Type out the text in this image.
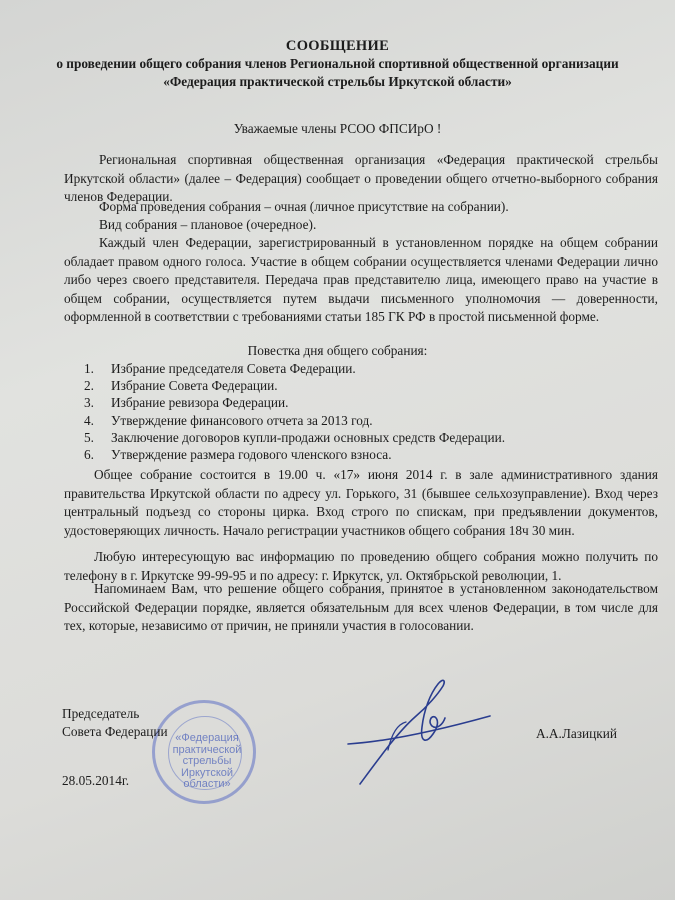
СООБЩЕНИЕ
о проведении общего собрания членов Региональной спортивной общественной организации
«Федерация практической стрельбы Иркутской области»
Уважаемые члены РСОО ФПСИрО !
Региональная спортивная общественная организация «Федерация практической стрельбы Иркутской области» (далее – Федерация) сообщает о проведении общего отчетно-выборного собрания членов Федерации.
Форма проведения собрания – очная (личное присутствие на собрании).
Вид собрания – плановое (очередное).
Каждый член Федерации, зарегистрированный в установленном порядке на общем собрании обладает правом одного голоса. Участие в общем собрании осуществляется членами Федерации лично либо через своего представителя. Передача прав представителю лица, имеющего право на участие в общем собрании, осуществляется путем выдачи письменного уполномочия — доверенности, оформленной в соответствии с требованиями статьи 185 ГК РФ в простой письменной форме.
Повестка дня общего собрания:
1. Избрание председателя Совета Федерации.
2. Избрание Совета Федерации.
3. Избрание ревизора Федерации.
4. Утверждение финансового отчета за 2013 год.
5. Заключение договоров купли-продажи основных средств Федерации.
6. Утверждение размера годового членского взноса.
Общее собрание состоится в 19.00 ч. «17» июня 2014 г. в зале административного здания правительства Иркутской области по адресу ул. Горького, 31 (бывшее сельхозуправление). Вход через центральный подъезд со стороны цирка. Вход строго по спискам, при предъявлении документов, удостоверяющих личность. Начало регистрации участников общего собрания 18ч 30 мин.
Любую интересующую вас информацию по проведению общего собрания можно получить по телефону в г. Иркутске 99-99-95 и по адресу: г. Иркутск, ул. Октябрьской революции, 1.
Напоминаем Вам, что решение общего собрания, принятое в установленном законодательством Российской Федерации порядке, является обязательным для всех членов Федерации, в том числе для тех, которые, независимо от причин, не приняли участия в голосовании.
«Федерация
практической
стрельбы
Иркутской
области»
Председатель
Совета Федерации	А.А.Лазицкий
28.05.2014г.
